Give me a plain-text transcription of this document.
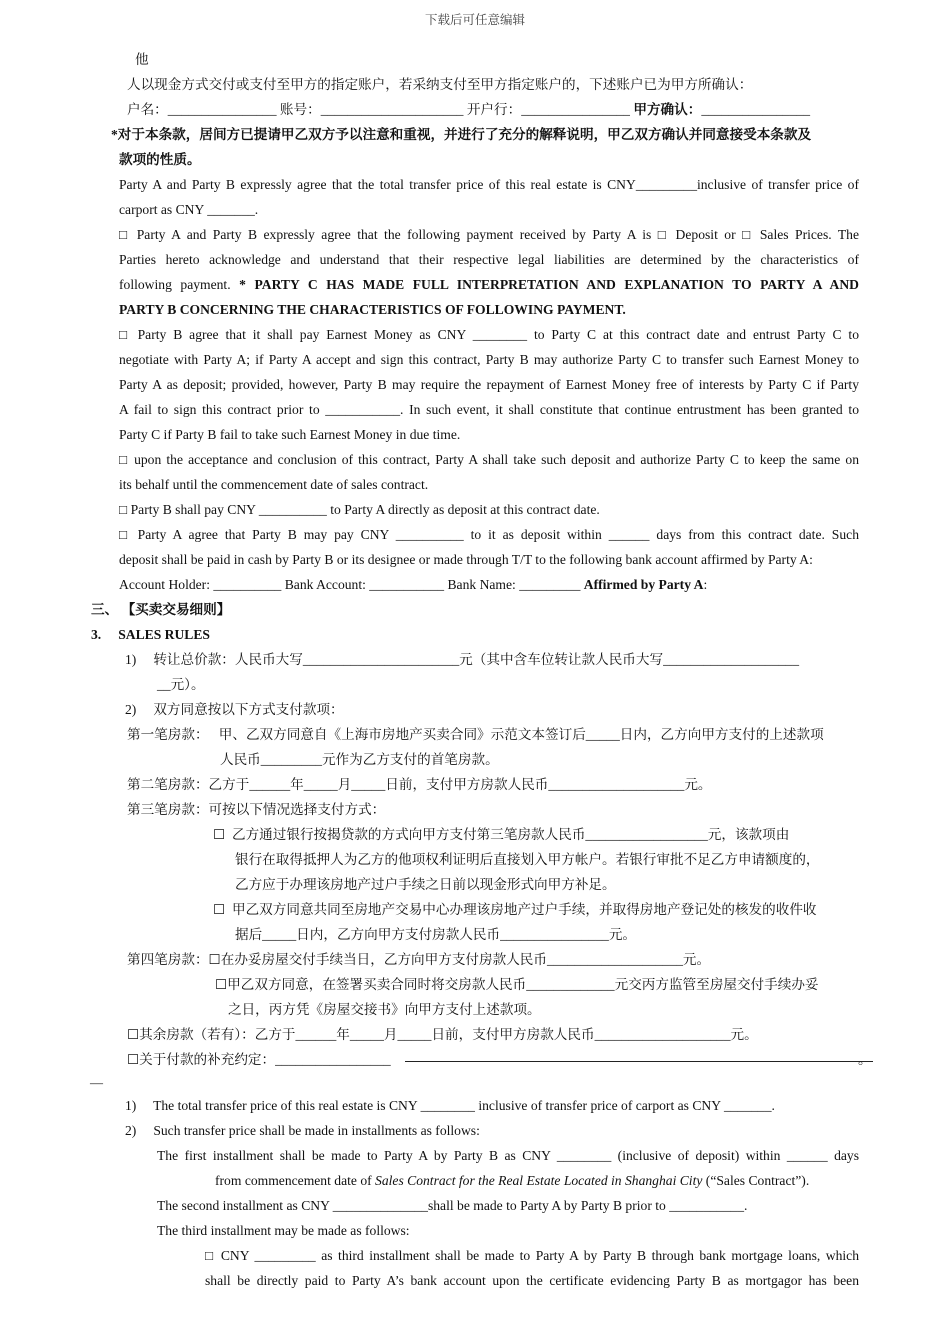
下载后可任意编辑
他
人以现金方式交付或支付至甲方的指定账户，若采纳支付至甲方指定账户的，下述账户已为甲方所确认：
户名：________________ 账号：_____________________ 开户行：________________ 甲方确认：________________
*对于本条款，居间方已提请甲乙双方予以注意和重视，并进行了充分的解释说明，甲乙双方确认并同意接受本条款及
款项的性质。
Party A and Party B expressly agree that the total transfer price of this real estate is CNY_________inclusive of transfer price of
carport as CNY _______.
□ Party A and Party B expressly agree that the following payment received by Party A is □ Deposit or □ Sales Prices. The
Parties hereto acknowledge and understand that their respective legal liabilities are determined by the characteristics of
following payment. * PARTY C HAS MADE FULL INTERPRETATION AND EXPLANATION TO PARTY A AND
PARTY B CONCERNING THE CHARACTERISTICS OF FOLLOWING PAYMENT.
□ Party B agree that it shall pay Earnest Money as CNY ________ to Party C at this contract date and entrust Party C to
negotiate with Party A; if Party A accept and sign this contract, Party B may authorize Party C to transfer such Earnest Money to
Party A as deposit; provided, however, Party B may require the repayment of Earnest Money free of interests by Party C if Party
A fail to sign this contract prior to ___________. In such event, it shall constitute that continue entrustment has been granted to
Party C if Party B fail to take such Earnest Money in due time.
□ upon the acceptance and conclusion of this contract, Party A shall take such deposit and authorize Party C to keep the same on
its behalf until the commencement date of sales contract.
□ Party B shall pay CNY __________ to Party A directly as deposit at this contract date.
□ Party A agree that Party B may pay CNY __________ to it as deposit within ______ days from this contract date. Such
deposit shall be paid in cash by Party B or its designee or made through T/T to the following bank account affirmed by Party A:
Account Holder: __________ Bank Account: ___________ Bank Name: _________ Affirmed by Party A:
三、 【买卖交易细则】
3.     SALES RULES
1)     转让总价款：人民币大写_______________________元（其中含车位转让款人民币大写____________________
__元）。
2)     双方同意按以下方式支付款项：
第一笔房款：   甲、乙双方同意自《上海市房地产买卖合同》示范文本签订后_____日内，乙方向甲方支付的上述款项
人民币_________元作为乙方支付的首笔房款。
第二笔房款：乙方于______年_____月_____日前，支付甲方房款人民币____________________元。
第三笔房款：可按以下情况选择支付方式：
☐  乙方通过银行按揭贷款的方式向甲方支付第三笔房款人民币__________________元，该款项由
银行在取得抵押人为乙方的他项权利证明后直接划入甲方帐户。若银行审批不足乙方申请额度的，
乙方应于办理该房地产过户手续之日前以现金形式向甲方补足。
☐  甲乙双方同意共同至房地产交易中心办理该房地产过户手续，并取得房地产登记处的核发的收件收
据后_____日内，乙方向甲方支付房款人民币________________元。
第四笔房款：☐在办妥房屋交付手续当日，乙方向甲方支付房款人民币____________________元。
☐甲乙双方同意，在签署买卖合同时将交房款人民币_____________元交丙方监管至房屋交付手续办妥
之日，丙方凭《房屋交接书》向甲方支付上述款项。
☐其余房款（若有）：乙方于______年_____月_____日前，支付甲方房款人民币____________________元。
☐关于付款的补充约定：_________________	。
—
1)     The total transfer price of this real estate is CNY ________ inclusive of transfer price of carport as CNY _______.
2)     Such transfer price shall be made in installments as follows:
The first installment shall be made to Party A by Party B as CNY ________ (inclusive of deposit) within ______ days
from commencement date of Sales Contract for the Real Estate Located in Shanghai City (“Sales Contract”).
The second installment as CNY ______________shall be made to Party A by Party B prior to ___________.
The third installment may be made as follows:
□ CNY _________ as third installment shall be made to Party A by Party B through bank mortgage loans, which
shall be directly paid to Party A’s bank account upon the certificate evidencing Party B as mortgagor has been
